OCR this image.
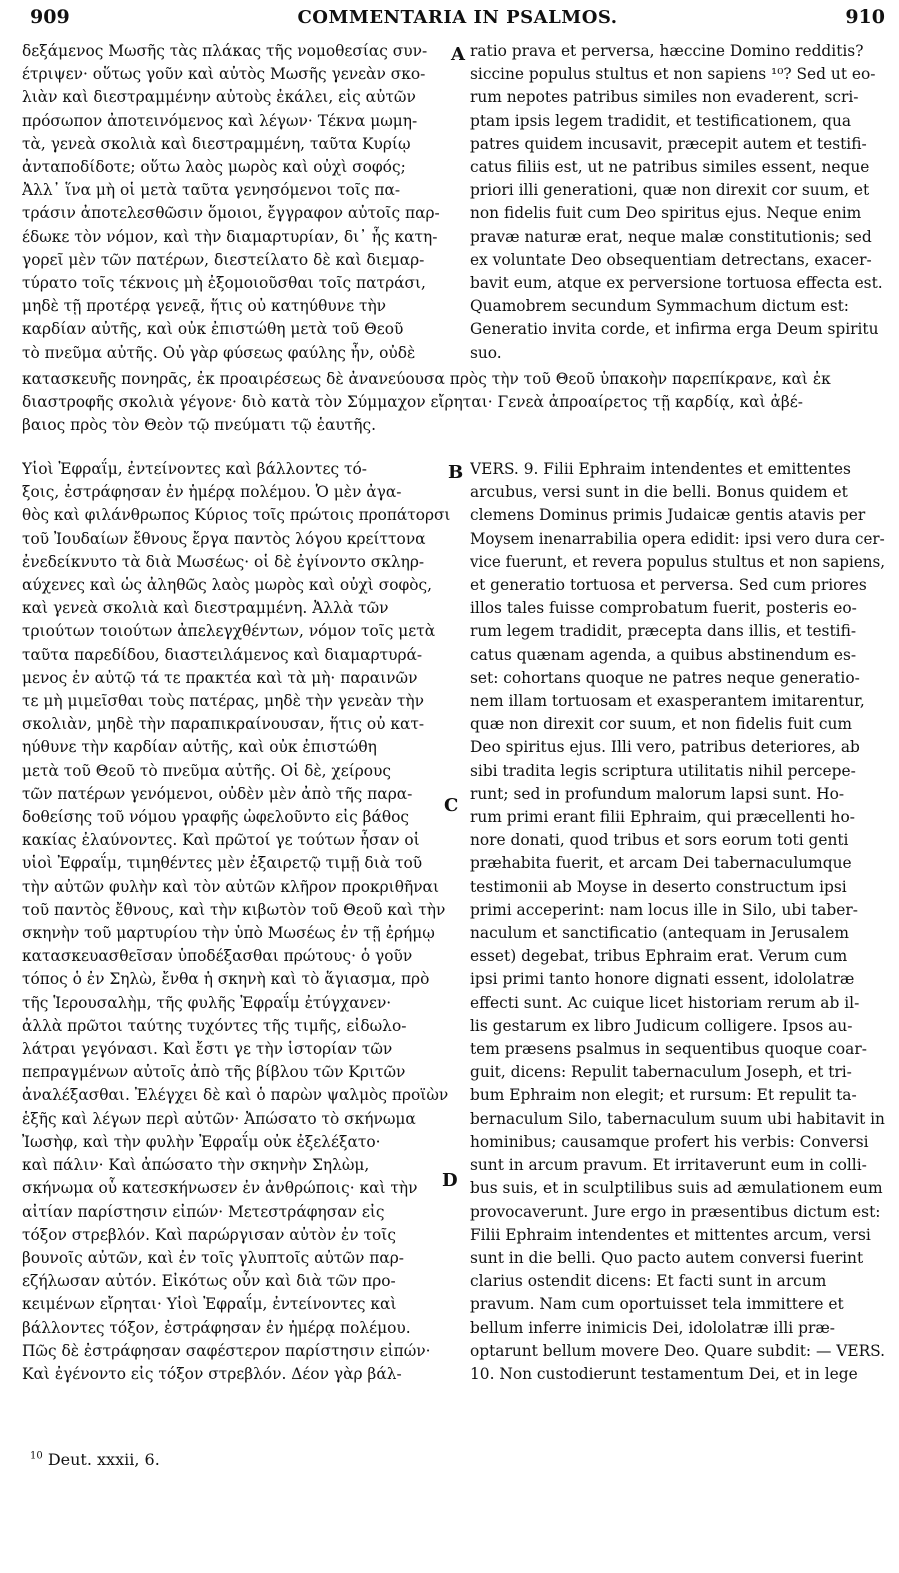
909	COMMENTARIA IN PSALMOS.	910
δεξάμενος Μωσῆς τὰς πλάκας τῆς νομοθεσίας συν-
έτριψεν· οὕτως γοῦν καὶ αὐτὸς Μωσῆς γενεὰν σκο-
λιὰν καὶ διεστραμμένην αὐτοὺς ἐκάλει, εἰς αὐτῶν
πρόσωπον ἀποτεινόμενος καὶ λέγων· Τέκνα μωμη-
τὰ, γενεὰ σκολιὰ καὶ διεστραμμένη, ταῦτα Κυρίῳ
ἀνταποδίδοτε; οὕτω λαὸς μωρὸς καὶ οὐχὶ σοφός;
Ἀλλ᾽ ἵνα μὴ οἱ μετὰ ταῦτα γενησόμενοι τοῖς πα-
τράσιν ἀποτελεσθῶσιν ὅμοιοι, ἔγγραφον αὐτοῖς παρ-
έδωκε τὸν νόμον, καὶ τὴν διαμαρτυρίαν, δι᾽ ἧς κατη-
γορεῖ μὲν τῶν πατέρων, διεστείλατο δὲ καὶ διεμαρ-
τύρατο τοῖς τέκνοις μὴ ἐξομοιοῦσθαι τοῖς πατράσι,
μηδὲ τῇ προτέρᾳ γενεᾷ, ἥτις οὐ κατηύθυνε τὴν
καρδίαν αὐτῆς, καὶ οὐκ ἐπιστώθη μετὰ τοῦ Θεοῦ
τὸ πνεῦμα αὐτῆς. Οὐ γὰρ φύσεως φαύλης ἦν, οὐδὲ
ratio prava et perversa, hæccine Domino redditis?
siccine populus stultus et non sapiens ¹⁰? Sed ut eo-
rum nepotes patribus similes non evaderent, scri-
ptam ipsis legem tradidit, et testificationem, qua
patres quidem incusavit, præcepit autem et testifi-
catus filiis est, ut ne patribus similes essent, neque
priori illi generationi, quæ non direxit cor suum, et
non fidelis fuit cum Deo spiritus ejus. Neque enim
pravæ naturæ erat, neque malæ constitutionis; sed
ex voluntate Deo obsequentiam detrectans, exacer-
bavit eum, atque ex perversione tortuosa effecta est.
Quamobrem secundum Symmachum dictum est:
Generatio invita corde, et infirma erga Deum spiritu
suo.
A
κατασκευῆς πονηρᾶς, ἐκ προαιρέσεως δὲ ἀνανεύουσα πρὸς τὴν τοῦ Θεοῦ ὑπακοὴν παρεπίκρανε, καὶ ἐκ
διαστροφῆς σκολιὰ γέγονε· διὸ κατὰ τὸν Σύμμαχον εἴρηται· Γενεὰ ἀπροαίρετος τῇ καρδίᾳ, καὶ ἀβέ-
βαιος πρὸς τὸν Θεὸν τῷ πνεύματι τῷ ἑαυτῆς.
Υἱοὶ Ἐφραΐμ, ἐντείνοντες καὶ βάλλοντες τό-
ξοις, ἐστράφησαν ἐν ἡμέρᾳ πολέμου. Ὁ μὲν ἀγα-
θὸς καὶ φιλάνθρωπος Κύριος τοῖς πρώτοις προπάτορσι
τοῦ Ἰουδαίων ἔθνους ἔργα παντὸς λόγου κρείττονα
ἐνεδείκνυτο τὰ διὰ Μωσέως· οἱ δὲ ἐγίνοντο σκληρ-
αύχενες καὶ ὡς ἀληθῶς λαὸς μωρὸς καὶ οὐχὶ σοφὸς,
καὶ γενεὰ σκολιὰ καὶ διεστραμμένη. Ἀλλὰ τῶν
τριούτων τοιούτων ἀπελεγχθέντων, νόμον τοῖς μετὰ
ταῦτα παρεδίδου, διαστειλάμενος καὶ διαμαρτυρά-
μενος ἐν αὐτῷ τά τε πρακτέα καὶ τὰ μὴ· παραινῶν
τε μὴ μιμεῖσθαι τοὺς πατέρας, μηδὲ τὴν γενεὰν τὴν
σκολιὰν, μηδὲ τὴν παραπικραίνουσαν, ἥτις οὐ κατ-
ηύθυνε τὴν καρδίαν αὐτῆς, καὶ οὐκ ἐπιστώθη
μετὰ τοῦ Θεοῦ τὸ πνεῦμα αὐτῆς. Οἱ δὲ, χείρους
τῶν πατέρων γενόμενοι, οὐδὲν μὲν ἀπὸ τῆς παρα-
δοθείσης τοῦ νόμου γραφῆς ὠφελοῦντο εἰς βάθος
κακίας ἐλαύνοντες. Καὶ πρῶτοί γε τούτων ἦσαν οἱ
υἱοὶ Ἐφραΐμ, τιμηθέντες μὲν ἐξαιρετῷ τιμῇ διὰ τοῦ
τὴν αὐτῶν φυλὴν καὶ τὸν αὐτῶν κλῆρον προκριθῆναι
τοῦ παντὸς ἔθνους, καὶ τὴν κιβωτὸν τοῦ Θεοῦ καὶ τὴν
σκηνὴν τοῦ μαρτυρίου τὴν ὑπὸ Μωσέως ἐν τῇ ἐρήμῳ
κατασκευασθεῖσαν ὑποδέξασθαι πρώτους· ὁ γοῦν
τόπος ὁ ἐν Σηλὼ, ἔνθα ἡ σκηνὴ καὶ τὸ ἅγιασμα, πρὸ
τῆς Ἱερουσαλὴμ, τῆς φυλῆς Ἐφραΐμ ἐτύγχανεν·
ἀλλὰ πρῶτοι ταύτης τυχόντες τῆς τιμῆς, εἰδωλο-
λάτραι γεγόνασι. Καὶ ἔστι γε τὴν ἱστορίαν τῶν
πεπραγμένων αὐτοῖς ἀπὸ τῆς βίβλου τῶν Κριτῶν
ἀναλέξασθαι. Ἐλέγχει δὲ καὶ ὁ παρὼν ψαλμὸς προϊὼν
ἑξῆς καὶ λέγων περὶ αὐτῶν· Ἀπώσατο τὸ σκήνωμα
Ἰωσὴφ, καὶ τὴν φυλὴν Ἐφραΐμ οὐκ ἐξελέξατο·
καὶ πάλιν· Καὶ ἀπώσατο τὴν σκηνὴν Σηλὼμ,
σκήνωμα οὗ κατεσκήνωσεν ἐν ἀνθρώποις· καὶ τὴν
αἰτίαν παρίστησιν εἰπών· Μετεστράφησαν εἰς
τόξον στρεβλόν. Καὶ παρώργισαν αὐτὸν ἐν τοῖς
βουνοῖς αὐτῶν, καὶ ἐν τοῖς γλυπτοῖς αὐτῶν παρ-
εζήλωσαν αὐτόν. Εἰκότως οὖν καὶ διὰ τῶν προ-
κειμένων εἴρηται· Υἱοὶ Ἐφραΐμ, ἐντείνοντες καὶ
βάλλοντες τόξον, ἐστράφησαν ἐν ἡμέρᾳ πολέμου.
Πῶς δὲ ἐστράφησαν σαφέστερον παρίστησιν εἰπών·
Καὶ ἐγένοντο εἰς τόξον στρεβλόν. Δέον γὰρ βάλ-
VERS. 9. Filii Ephraim intendentes et emittentes
arcubus, versi sunt in die belli. Bonus quidem et
clemens Dominus primis Judaicæ gentis atavis per
Moysem inenarrabilia opera edidit: ipsi vero dura cer-
vice fuerunt, et revera populus stultus et non sapiens,
et generatio tortuosa et perversa. Sed cum priores
illos tales fuisse comprobatum fuerit, posteris eo-
rum legem tradidit, præcepta dans illis, et testifi-
catus quænam agenda, a quibus abstinendum es-
set: cohortans quoque ne patres neque generatio-
nem illam tortuosam et exasperantem imitarentur,
quæ non direxit cor suum, et non fidelis fuit cum
Deo spiritus ejus. Illi vero, patribus deteriores, ab
sibi tradita legis scriptura utilitatis nihil percepe-
runt; sed in profundum malorum lapsi sunt. Ho-
rum primi erant filii Ephraim, qui præcellenti ho-
nore donati, quod tribus et sors eorum toti genti
præhabita fuerit, et arcam Dei tabernaculumque
testimonii ab Moyse in deserto constructum ipsi
primi acceperint: nam locus ille in Silo, ubi taber-
naculum et sanctificatio (antequam in Jerusalem
esset) degebat, tribus Ephraim erat. Verum cum
ipsi primi tanto honore dignati essent, idololatræ
effecti sunt. Ac cuique licet historiam rerum ab il-
lis gestarum ex libro Judicum colligere. Ipsos au-
tem præsens psalmus in sequentibus quoque coar-
guit, dicens: Repulit tabernaculum Joseph, et tri-
bum Ephraim non elegit; et rursum: Et repulit ta-
bernaculum Silo, tabernaculum suum ubi habitavit in
hominibus; causamque profert his verbis: Conversi
sunt in arcum pravum. Et irritaverunt eum in colli-
bus suis, et in sculptilibus suis ad æmulationem eum
provocaverunt. Jure ergo in præsentibus dictum est:
Filii Ephraim intendentes et mittentes arcum, versi
sunt in die belli. Quo pacto autem conversi fuerint
clarius ostendit dicens: Et facti sunt in arcum
pravum. Nam cum oportuisset tela immittere et
bellum inferre inimicis Dei, idololatræ illi præ-
optarunt bellum movere Deo. Quare subdit: — VERS.
10. Non custodierunt testamentum Dei, et in lege
B
C
D
$^{10}$ Deut. xxxii, 6.
